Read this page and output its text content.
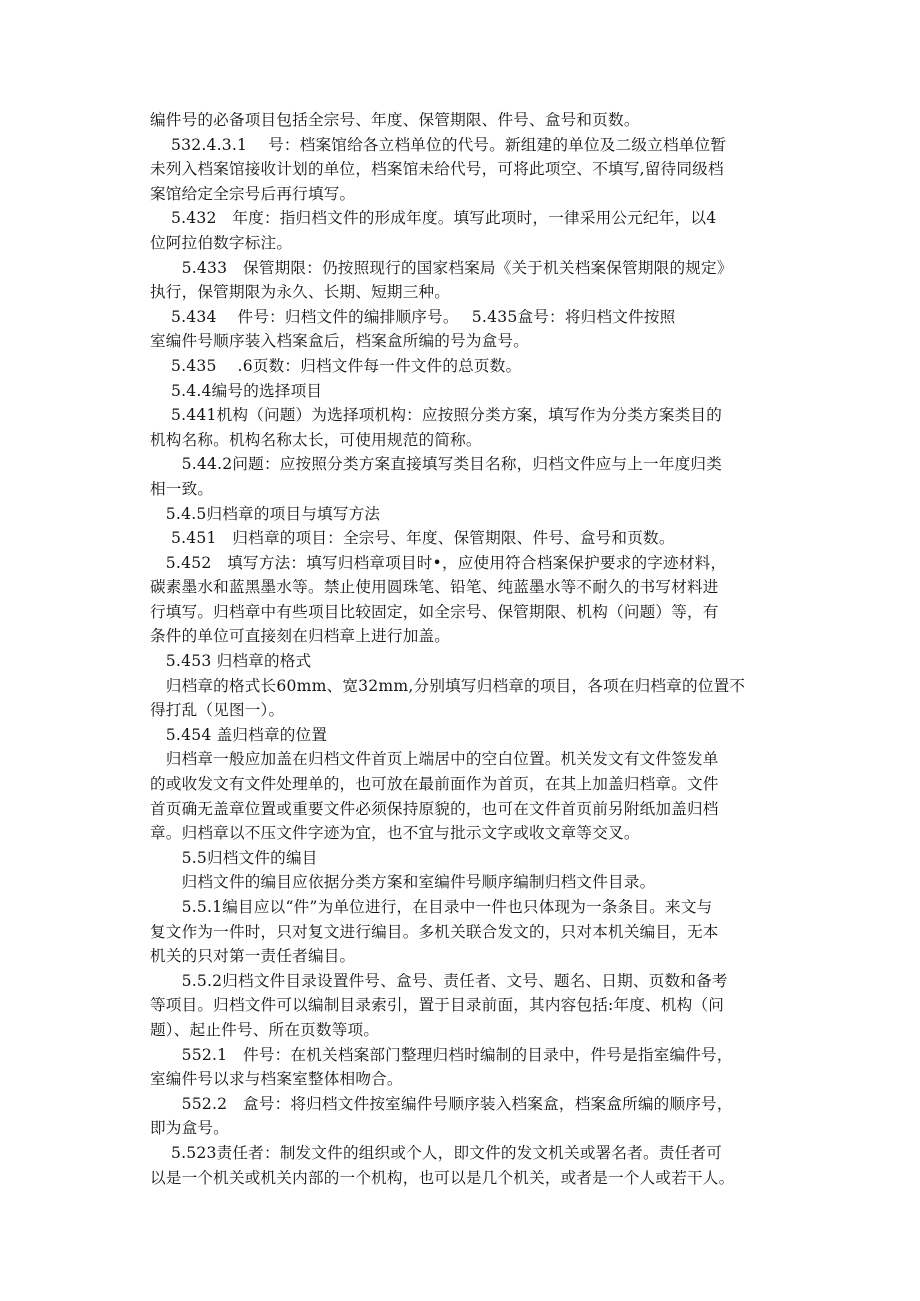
编件号的必备项目包括全宗号、年度、保管期限、件号、盒号和页数。
　 532.4.3.1　 号：档案馆给各立档单位的代号。新组建的单位及二级立档单位暂
未列入档案馆接收计划的单位，档案馆未给代号，可将此项空、不填写,留待同级档
案馆给定全宗号后再行填写。
　 5.432　年度：指归档文件的形成年度。填写此项时，一律采用公元纪年，以4
位阿拉伯数字标注。
　　5.433　保管期限：仍按照现行的国家档案局《关于机关档案保管期限的规定》
执行，保管期限为永久、长期、短期三种。
　 5.434　 件号：归档文件的编排顺序号。　 5.435盒号：将归档文件按照
室编件号顺序装入档案盒后，档案盒所编的号为盒号。
　 5.435　 .6页数：归档文件每一件文件的总页数。
　 5.4.4编号的选择项目
　 5.441机构（问题）为选择项机构：应按照分类方案，填写作为分类方案类目的
机构名称。机构名称太长，可使用规范的简称。
　　5.44.2问题：应按照分类方案直接填写类目名称，归档文件应与上一年度归类
相一致。
　5.4.5归档章的项目与填写方法
　 5.451　归档章的项目：全宗号、年度、保管期限、件号、盒号和页数。
　5.452　填写方法：填写归档章项目时•，应使用符合档案保护要求的字迹材料，
碳素墨水和蓝黑墨水等。禁止使用圆珠笔、铅笔、纯蓝墨水等不耐久的书写材料进
行填写。归档章中有些项目比较固定，如全宗号、保管期限、机构（问题）等，有
条件的单位可直接刻在归档章上进行加盖。
　5.453 归档章的格式
　归档章的格式长60mm、宽32mm,分别填写归档章的项目，各项在归档章的位置不
得打乱（见图一）。
　5.454 盖归档章的位置
　归档章一般应加盖在归档文件首页上端居中的空白位置。机关发文有文件签发单
的或收发文有文件处理单的，也可放在最前面作为首页，在其上加盖归档章。文件
首页确无盖章位置或重要文件必须保持原貌的，也可在文件首页前另附纸加盖归档
章。归档章以不压文件字迹为宜，也不宜与批示文字或收文章等交叉。
　　5.5归档文件的编目
　　归档文件的编目应依据分类方案和室编件号顺序编制归档文件目录。
　　5.5.1编目应以“件”为单位进行，在目录中一件也只体现为一条条目。来文与
复文作为一件时，只对复文进行编目。多机关联合发文的，只对本机关编目，无本
机关的只对第一责任者编目。
　　5.5.2归档文件目录设置件号、盒号、责任者、文号、题名、日期、页数和备考
等项目。归档文件可以编制目录索引，置于目录前面，其内容包括:年度、机构（问
题）、起止件号、所在页数等项。
　　552.1　件号：在机关档案部门整理归档时编制的目录中，件号是指室编件号，
室编件号以求与档案室整体相吻合。
　　552.2　盒号：将归档文件按室编件号顺序装入档案盒，档案盒所编的顺序号，
即为盒号。
　 5.523责任者：制发文件的组织或个人，即文件的发文机关或署名者。责任者可
以是一个机关或机关内部的一个机构，也可以是几个机关，或者是一个人或若干人。
